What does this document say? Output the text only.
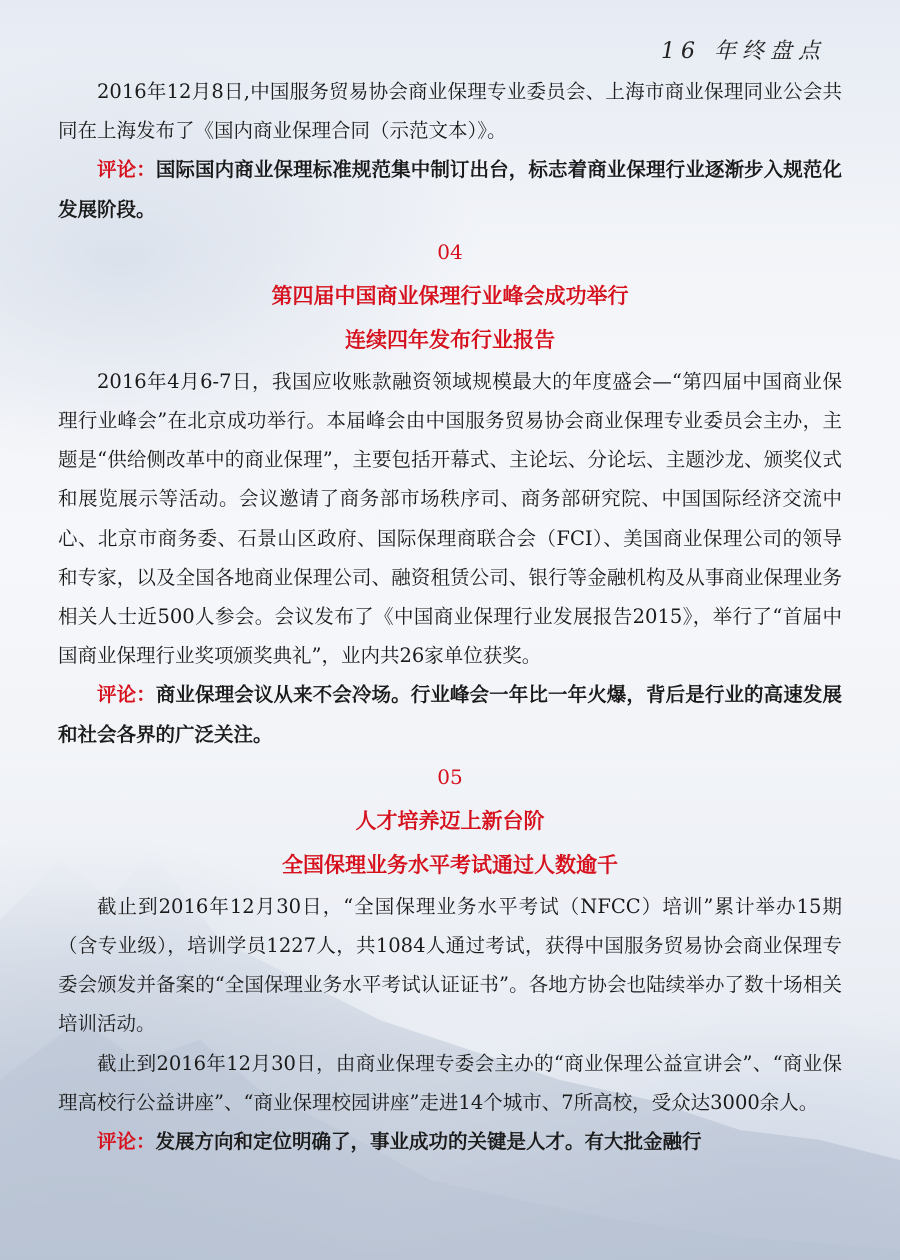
16 年终盘点

2016年12月8日,中国服务贸易协会商业保理专业委员会、上海市商业保理同业公会共同在上海发布了《国内商业保理合同（示范文本）》。

评论：国际国内商业保理标准规范集中制订出台，标志着商业保理行业逐渐步入规范化发展阶段。

04
第四届中国商业保理行业峰会成功举行
连续四年发布行业报告

2016年4月6-7日，我国应收账款融资领域规模最大的年度盛会—“第四届中国商业保理行业峰会”在北京成功举行。本届峰会由中国服务贸易协会商业保理专业委员会主办，主题是“供给侧改革中的商业保理”，主要包括开幕式、主论坛、分论坛、主题沙龙、颁奖仪式和展览展示等活动。会议邀请了商务部市场秩序司、商务部研究院、中国国际经济交流中心、北京市商务委、石景山区政府、国际保理商联合会（FCI）、美国商业保理公司的领导和专家，以及全国各地商业保理公司、融资租赁公司、银行等金融机构及从事商业保理业务相关人士近500人参会。会议发布了《中国商业保理行业发展报告2015》，举行了“首届中国商业保理行业奖项颁奖典礼”，业内共26家单位获奖。

评论：商业保理会议从来不会冷场。行业峰会一年比一年火爆，背后是行业的高速发展和社会各界的广泛关注。

05
人才培养迈上新台阶
全国保理业务水平考试通过人数逾千

截止到2016年12月30日，“全国保理业务水平考试（NFCC）培训”累计举办15期（含专业级），培训学员1227人，共1084人通过考试，获得中国服务贸易协会商业保理专委会颁发并备案的“全国保理业务水平考试认证证书”。各地方协会也陆续举办了数十场相关培训活动。

截止到2016年12月30日，由商业保理专委会主办的“商业保理公益宣讲会”、“商业保理高校行公益讲座”、“商业保理校园讲座”走进14个城市、7所高校，受众达3000余人。

评论：发展方向和定位明确了，事业成功的关键是人才。有大批金融行
